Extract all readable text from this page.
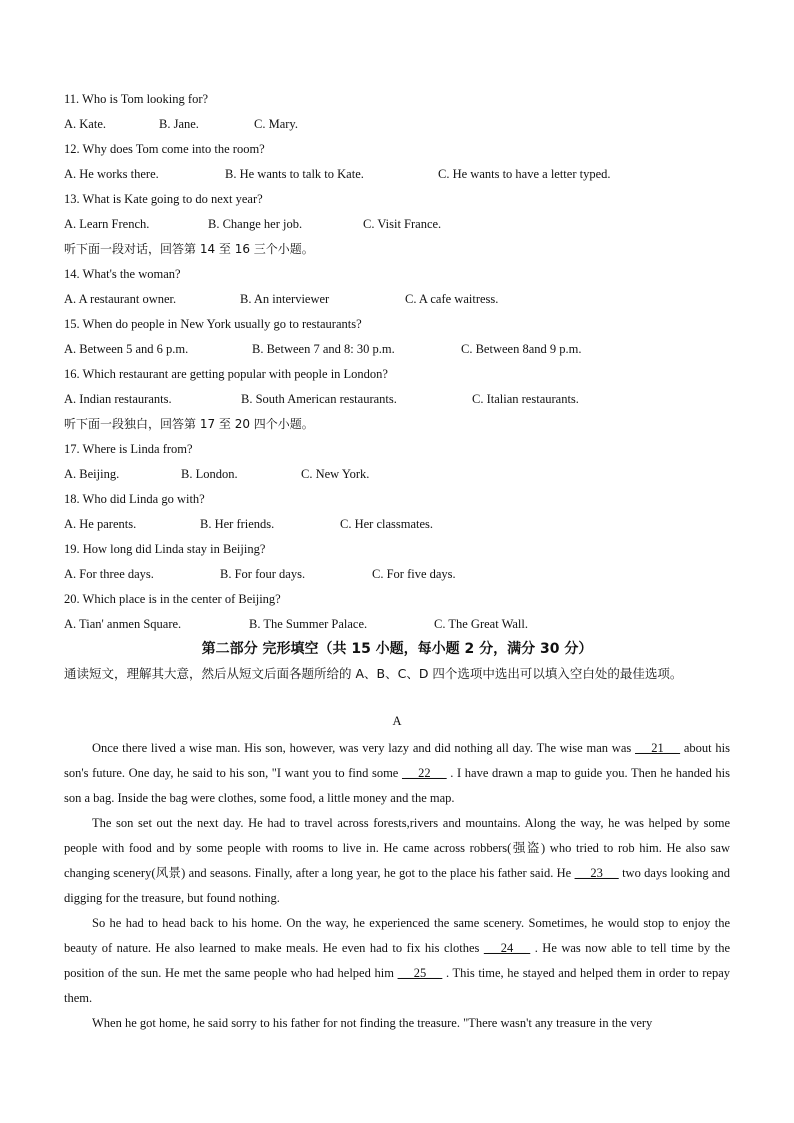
11. Who is Tom looking for?
A. Kate.	B. Jane.	C. Mary.
12. Why does Tom come into the room?
A. He works there.	B. He wants to talk to Kate.	C. He wants to have a letter typed.
13. What is Kate going to do next year?
A. Learn French.	B. Change her job.	C. Visit France.
听下面一段对话，回答第 14 至 16 三个小题。
14. What's the woman?
A. A restaurant owner.	B. An interviewer	C. A cafe waitress.
15. When do people in New York usually go to restaurants?
A. Between 5 and 6 p.m.	B. Between 7 and 8: 30 p.m.	C. Between 8and 9 p.m.
16. Which restaurant are getting popular with people in London?
A. Indian restaurants.	B. South American restaurants.	C. Italian restaurants.
听下面一段独白，回答第 17 至 20 四个小题。
17. Where is Linda from?
A. Beijing.	B. London.	C. New York.
18. Who did Linda go with?
A. He parents.	B. Her friends.	C. Her classmates.
19. How long did Linda stay in Beijing?
A. For three days.	B. For four days.	C. For five days.
20. Which place is in the center of Beijing?
A. Tian' anmen Square.	B. The Summer Palace.	C. The Great Wall.
第二部分 完形填空（共 15 小题，每小题 2 分，满分 30 分）
通读短文，理解其大意，然后从短文后面各题所给的 A、B、C、D 四个选项中选出可以填入空白处的最佳选项。
A
Once there lived a wise man. His son, however, was very lazy and did nothing all day. The wise man was  __21__  about his son's future. One day, he said to his son, "I want you to find some  __22__  . I have drawn a map to guide you. Then he handed his son a bag. Inside the bag were clothes, some food, a little money and the map.
The son set out the next day. He had to travel across forests,rivers and mountains. Along the way, he was helped by some people with food and by some people with rooms to live in. He came across robbers(强盗) who tried to rob him. He also saw changing scenery(风景) and seasons. Finally, after a long year, he got to the place his father said. He  __23__  two days looking and digging for the treasure, but found nothing.
So he had to head back to his home. On the way, he experienced the same scenery. Sometimes, he would stop to enjoy the beauty of nature. He also learned to make meals. He even had to fix his clothes  __24__  . He was now able to tell time by the position of the sun. He met the same people who had helped him  __25__  . This time, he stayed and helped them in order to repay them.
When he got home, he said sorry to his father for not finding the treasure. "There wasn't any treasure in the very
